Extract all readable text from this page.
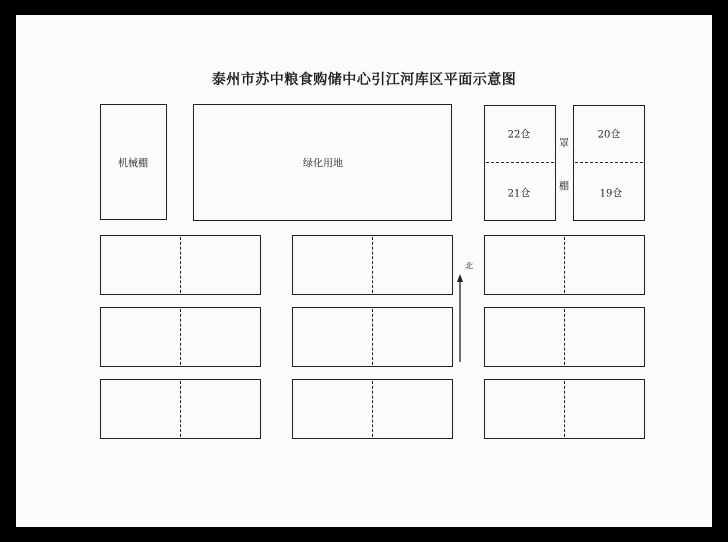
泰州市苏中粮食购储中心引江河库区平面示意图
机械棚	绿化用地
22仓
21仓
罩
棚
20仓
19仓
北
